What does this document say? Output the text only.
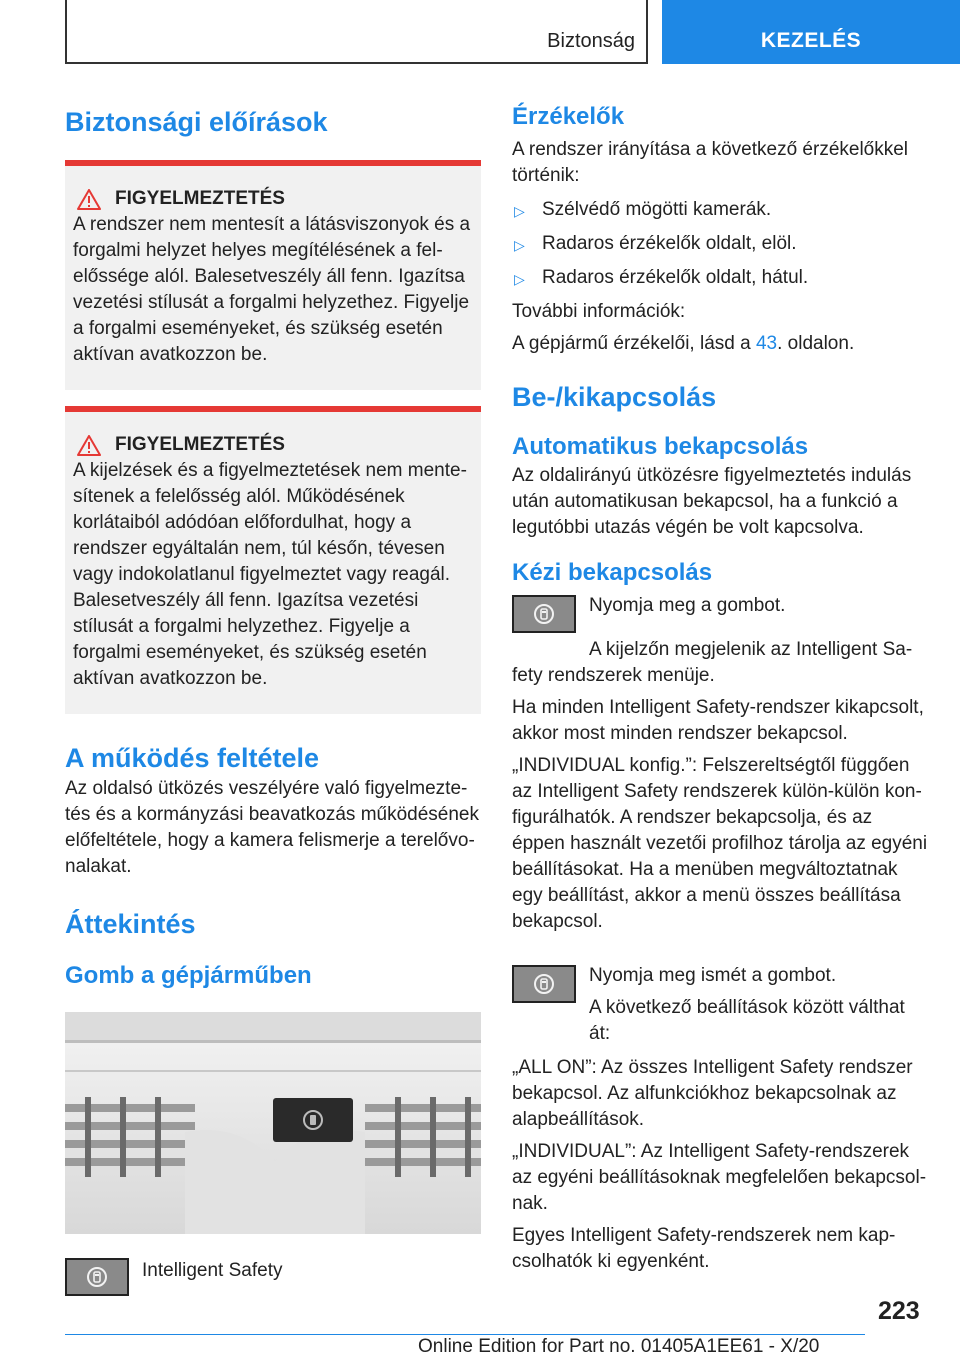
Biztonság	KEZELÉS
Biztonsági előírások
FIGYELMEZTETÉS

A rendszer nem mentesít a látásviszonyok és a forgalmi helyzet helyes megítélésének a felelőssége alól. Balesetveszély áll fenn. Igazítsa vezetési stílusát a forgalmi helyzethez. Figyelje a forgalmi eseményeket, és szükség esetén aktívan avatkozzon be.

FIGYELMEZTETÉS

A kijelzések és a figyelmeztetések nem mentesítenek a felelősség alól. Működésének korlátaiból adódóan előfordulhat, hogy a rendszer egyáltalán nem, túl későn, tévesen vagy indokolatlanul figyelmeztet vagy reagál. Balesetveszély áll fenn. Igazítsa vezetési stílusát a forgalmi helyzethez. Figyelje a forgalmi eseményeket, és szükség esetén aktívan avatkozzon be.

A működés feltétele

Az oldalsó ütközés veszélyére való figyelmeztetés és a kormányzási beavatkozás működésének előfeltétele, hogy a kamera felismerje a terelővonalakat.

Áttekintés
Gomb a gépjárműben

Intelligent Safety

Érzékelők

A rendszer irányítása a következő érzékelőkkel történik:

▷ Szélvédő mögötti kamerák.
▷ Radaros érzékelők oldalt, elöl.
▷ Radaros érzékelők oldalt, hátul.

További információk:

A gépjármű érzékelői, lásd a 43. oldalon.

Be-/kikapcsolás
Automatikus bekapcsolás

Az oldalirányú ütközésre figyelmeztetés indulás után automatikusan bekapcsol, ha a funkció a legutóbbi utazás végén be volt kapcsolva.

Kézi bekapcsolás

Nyomja meg a gombot.

A kijelzőn megjelenik az Intelligent Safety rendszerek menüje.

Ha minden Intelligent Safety-rendszer kikapcsolt, akkor most minden rendszer bekapcsol.

„INDIVIDUAL konfig.”: Felszereltségtől függően az Intelligent Safety rendszerek külön-külön konfigurálhatók. A rendszer bekapcsolja, és az éppen használt vezetői profilhoz tárolja az egyéni beállításokat. Ha a menüben megváltoztatnak egy beállítást, akkor a menü összes beállítása bekapcsol.

Nyomja meg ismét a gombot.

A következő beállítások között válthat át:

„ALL ON”: Az összes Intelligent Safety rendszer bekapcsol. Az alfunkciókhoz bekapcsolnak az alapbeállítások.

„INDIVIDUAL”: Az Intelligent Safety-rendszerek az egyéni beállításoknak megfelelően bekapcsolnak.

Egyes Intelligent Safety-rendszerek nem kapcsolhatók ki egyenként.

223
Online Edition for Part no. 01405A1EE61 - X/20
